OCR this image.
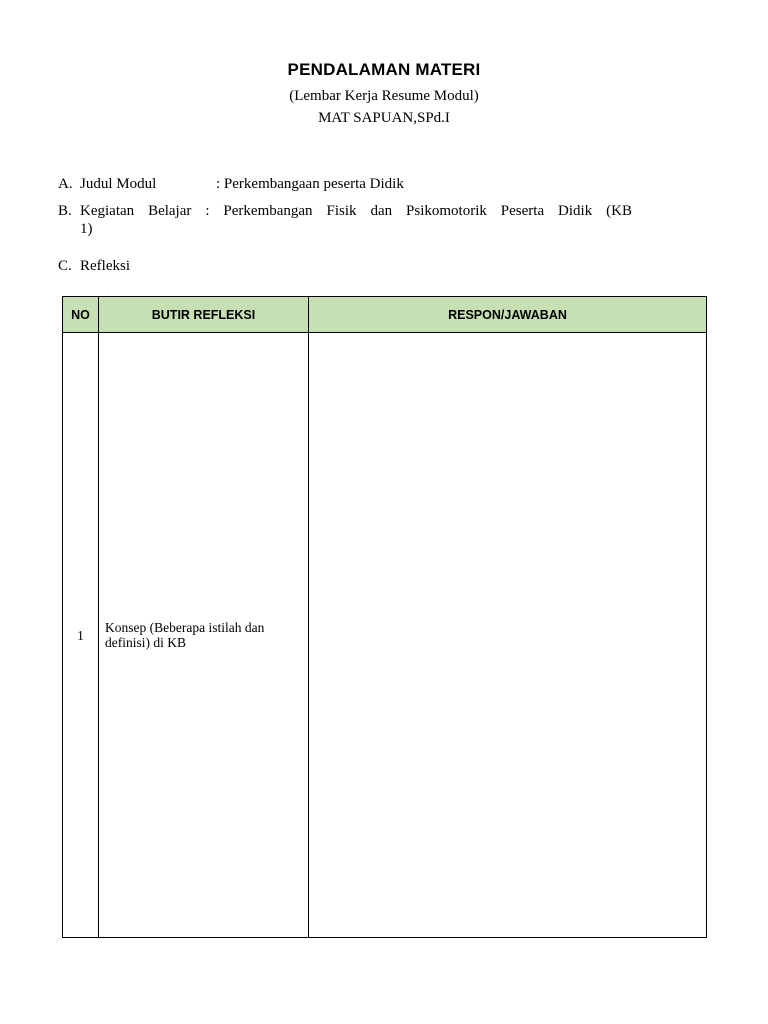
PENDALAMAN MATERI
(Lembar Kerja Resume Modul)
MAT SAPUAN,SPd.I
A. Judul Modul	: Perkembangaan peserta Didik
B. Kegiatan Belajar : Perkembangan Fisik dan Psikomotorik Peserta Didik (KB
1)
C. Refleksi
NO	BUTIR REFLEKSI	RESPON/JAWABAN
1	Konsep (Beberapa istilah dan definisi) di KB	
